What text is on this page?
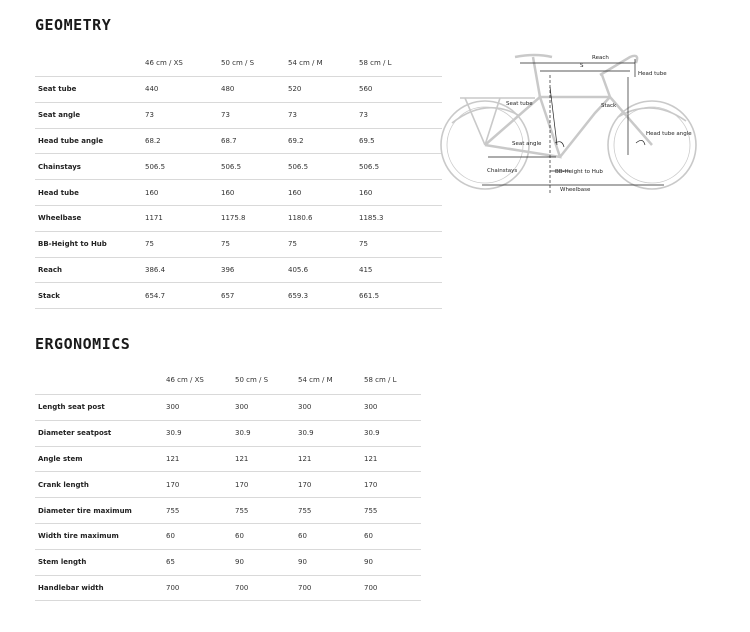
GEOMETRY
	46 cm / XS	50 cm / S	54 cm / M	58 cm / L
Seat tube	440	480	520	560
Seat angle	73	73	73	73
Head tube angle	68.2	68.7	69.2	69.5
Chainstays	506.5	506.5	506.5	506.5
Head tube	160	160	160	160
Wheelbase	1171	1175.8	1180.6	1185.3
BB-Height to Hub	75	75	75	75
Reach	386.4	396	405.6	415
Stack	654.7	657	659.3	661.5
ERGONOMICS
	46 cm / XS	50 cm / S	54 cm / M	58 cm / L
Length seat post	300	300	300	300
Diameter seatpost	30.9	30.9	30.9	30.9
Angle stem	121	121	121	121
Crank length	170	170	170	170
Diameter tire maximum	755	755	755	755
Width tire maximum	60	60	60	60
Stem length	65	90	90	90
Handlebar width	700	700	700	700
Reach
S
Head tube
Seat tube	Stack
Head tube angle
Seat angle
Chainstays	BB-Height to Hub
Wheelbase
